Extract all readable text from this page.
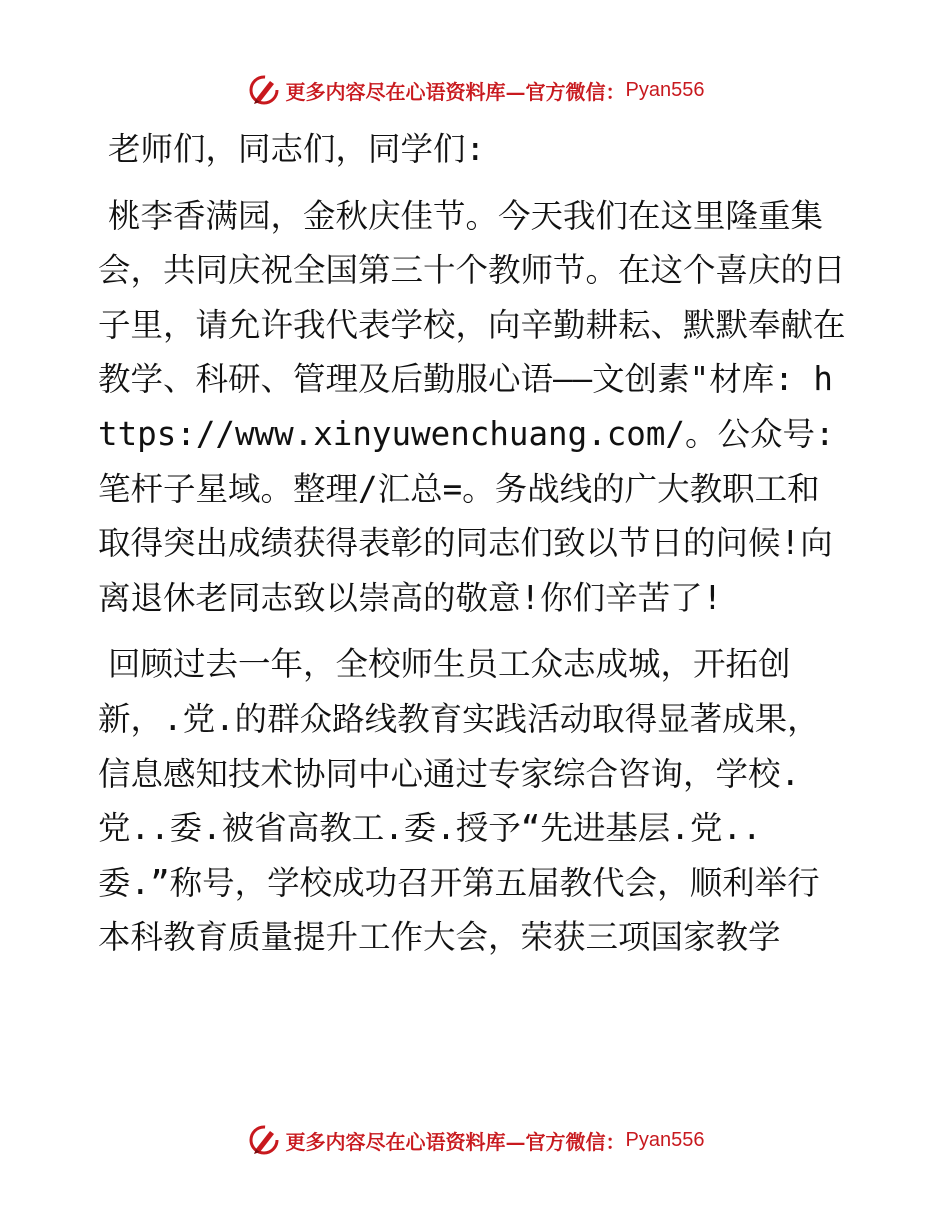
更多内容尽在心语资料库—官方微信： Pyan556

老师们，同志们，同学们:

桃李香满园，金秋庆佳节。今天我们在这里隆重集会，共同庆祝全国第三十个教师节。在这个喜庆的日子里，请允许我代表学校，向辛勤耕耘、默默奉献在教学、科研、管理及后勤服心语——文创素"材库: https://www.xinyuwenchuang.com/。公众号: 笔杆子星域。整理/汇总=。务战线的广大教职工和取得突出成绩获得表彰的同志们致以节日的问候!向离退休老同志致以崇高的敬意!你们辛苦了!

回顾过去一年，全校师生员工众志成城，开拓创新，.党.的群众路线教育实践活动取得显著成果，信息感知技术协同中心通过专家综合咨询，学校.党..委.被省高教工.委.授予“先进基层.党..委.”称号，学校成功召开第五届教代会，顺利举行本科教育质量提升工作大会，荣获三项国家教学

更多内容尽在心语资料库—官方微信： Pyan556
